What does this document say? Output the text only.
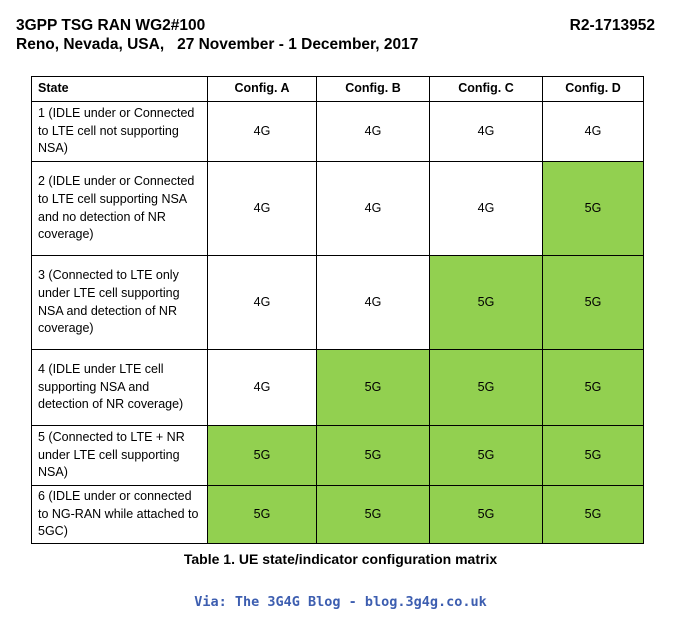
3GPP TSG RAN WG2#100	R2-1713952
Reno, Nevada, USA,   27 November - 1 December, 2017
State	Config. A	Config. B	Config. C	Config. D
1 (IDLE under or Connected to LTE cell not supporting NSA)	4G	4G	4G	4G
2 (IDLE under or Connected to LTE cell supporting NSA and no detection of NR coverage)	4G	4G	4G	5G
3 (Connected to LTE only under LTE cell supporting NSA and detection of NR coverage)	4G	4G	5G	5G
4 (IDLE under LTE cell supporting NSA and detection of NR coverage)	4G	5G	5G	5G
5 (Connected to LTE + NR under LTE cell supporting NSA)	5G	5G	5G	5G
6 (IDLE under or connected to NG-RAN while attached to 5GC)	5G	5G	5G	5G
Table 1. UE state/indicator configuration matrix
Via: The 3G4G Blog - blog.3g4g.co.uk
